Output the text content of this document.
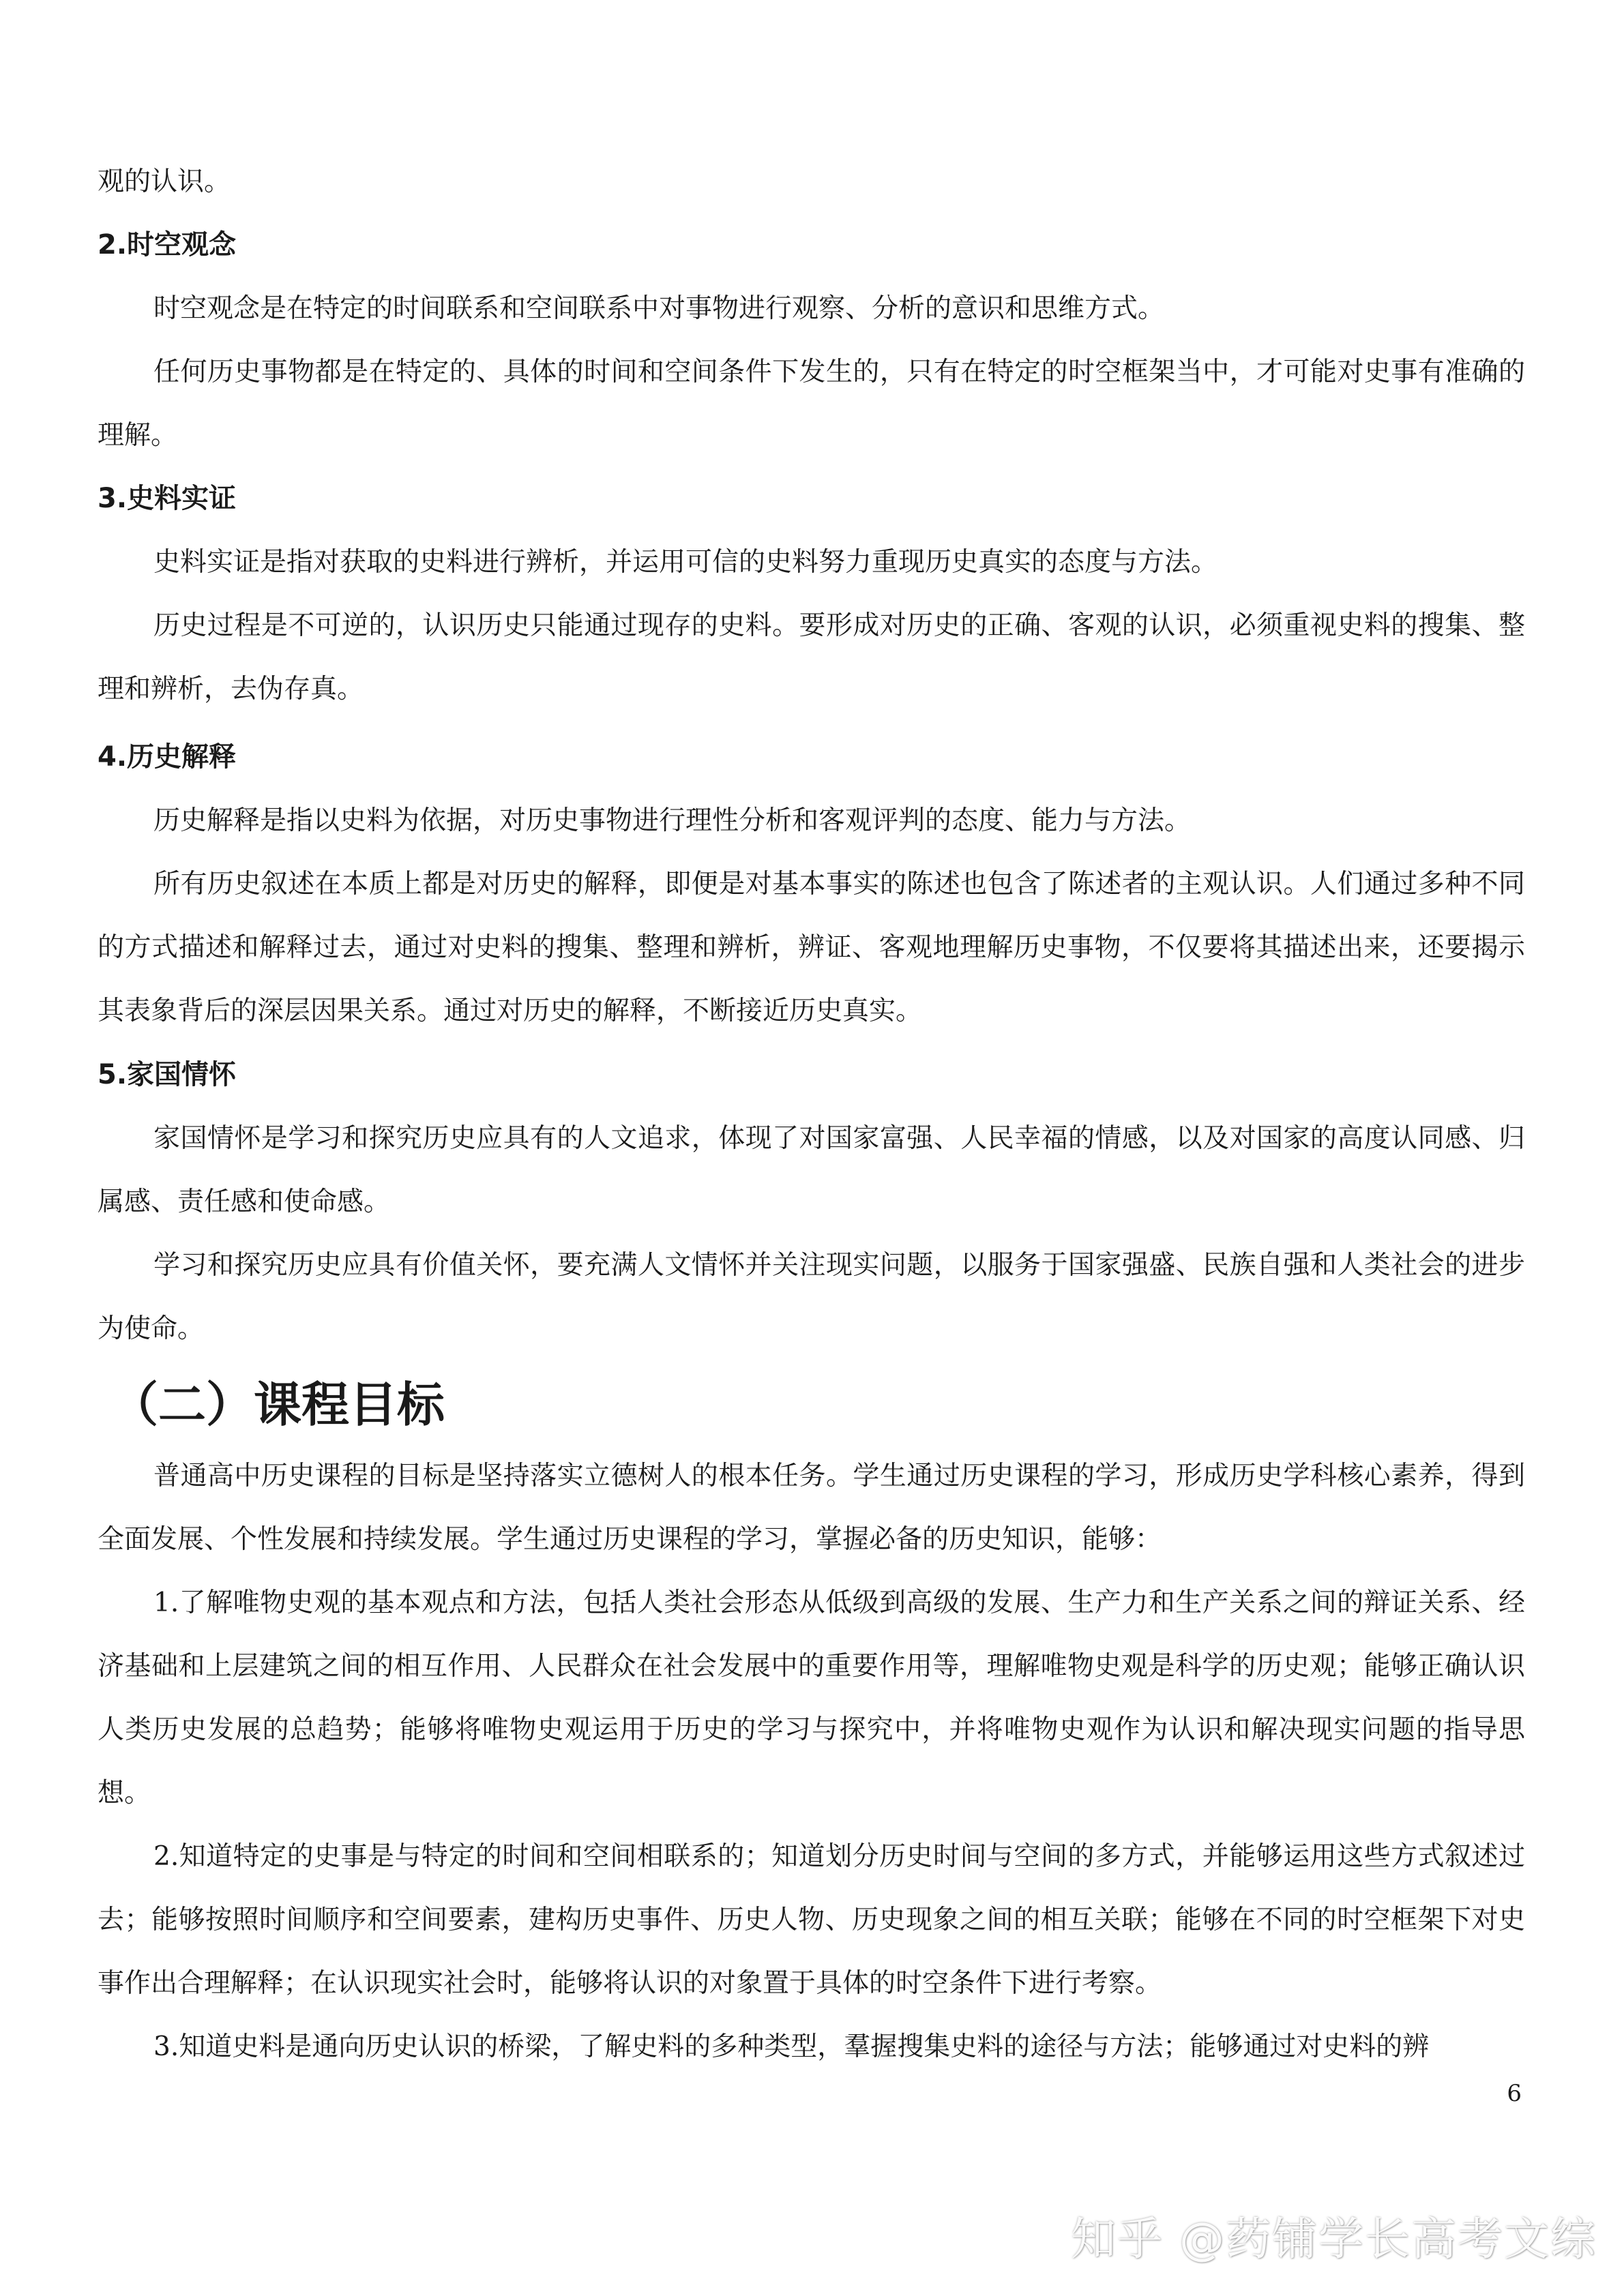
观的认识。

2.时空观念

时空观念是在特定的时间联系和空间联系中对事物进行观察、分析的意识和思维方式。

任何历史事物都是在特定的、具体的时间和空间条件下发生的，只有在特定的时空框架当中，才可能对史事有准确的理解。

3.史料实证

史料实证是指对获取的史料进行辨析，并运用可信的史料努力重现历史真实的态度与方法。

历史过程是不可逆的，认识历史只能通过现存的史料。要形成对历史的正确、客观的认识，必须重视史料的搜集、整理和辨析，去伪存真。

4.历史解释

历史解释是指以史料为依据，对历史事物进行理性分析和客观评判的态度、能力与方法。

所有历史叙述在本质上都是对历史的解释，即便是对基本事实的陈述也包含了陈述者的主观认识。人们通过多种不同的方式描述和解释过去，通过对史料的搜集、整理和辨析，辨证、客观地理解历史事物，不仅要将其描述出来，还要揭示其表象背后的深层因果关系。通过对历史的解释，不断接近历史真实。

5.家国情怀

家国情怀是学习和探究历史应具有的人文追求，体现了对国家富强、人民幸福的情感，以及对国家的高度认同感、归属感、责任感和使命感。

学习和探究历史应具有价值关怀，要充满人文情怀并关注现实问题，以服务于国家强盛、民族自强和人类社会的进步为使命。

（二）课程目标

普通高中历史课程的目标是坚持落实立德树人的根本任务。学生通过历史课程的学习，形成历史学科核心素养，得到全面发展、个性发展和持续发展。学生通过历史课程的学习，掌握必备的历史知识，能够：

1.了解唯物史观的基本观点和方法，包括人类社会形态从低级到高级的发展、生产力和生产关系之间的辩证关系、经济基础和上层建筑之间的相互作用、人民群众在社会发展中的重要作用等，理解唯物史观是科学的历史观；能够正确认识人类历史发展的总趋势；能够将唯物史观运用于历史的学习与探究中，并将唯物史观作为认识和解决现实问题的指导思想。

2.知道特定的史事是与特定的时间和空间相联系的；知道划分历史时间与空间的多方式，并能够运用这些方式叙述过去；能够按照时间顺序和空间要素，建构历史事件、历史人物、历史现象之间的相互关联；能够在不同的时空框架下对史事作出合理解释；在认识现实社会时，能够将认识的对象置于具体的时空条件下进行考察。

3.知道史料是通向历史认识的桥梁，了解史料的多种类型，羣握搜集史料的途径与方法；能够通过对史料的辨

6
知乎 @药铺学长高考文综
